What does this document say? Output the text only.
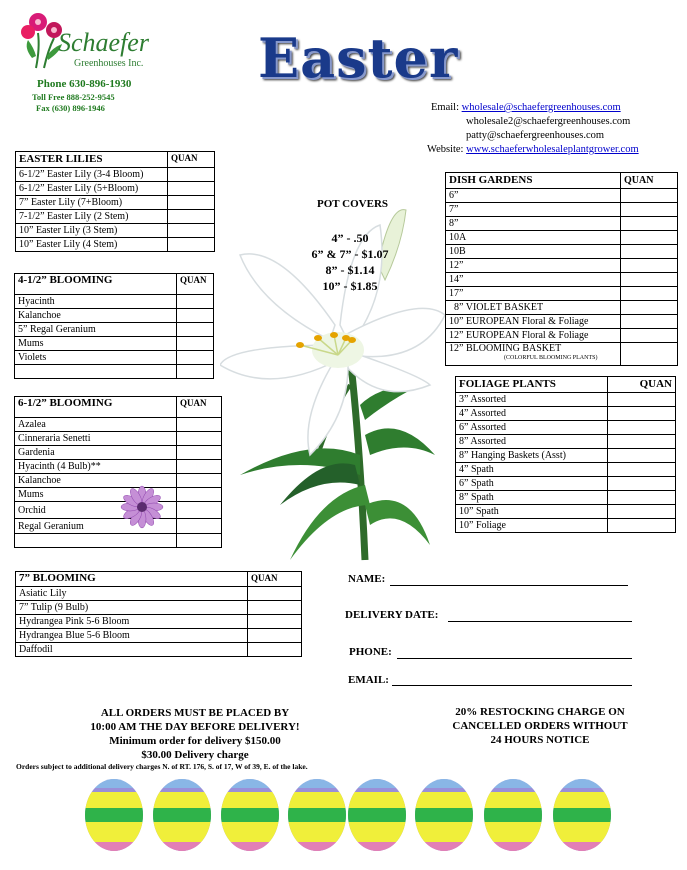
Schaefer
Greenhouses Inc.
Phone 630-896-1930
Toll Free 888-252-9545
Fax (630) 896-1946
Easter
Email: wholesale@schaefergreenhouses.com
wholesale2@schaefergreenhouses.com
patty@schaefergreenhouses.com
Website: www.schaeferwholesaleplantgrower.com
EASTER LILIES	QUAN
6-1/2” Easter Lily (3-4 Bloom)	
6-1/2” Easter Lily (5+Bloom)	
7” Easter Lily (7+Bloom)	
7-1/2” Easter Lily (2 Stem)	
10” Easter Lily (3 Stem)	
10” Easter Lily (4 Stem)	
4-1/2” BLOOMING	QUAN
Hyacinth	
Kalanchoe	
5” Regal Geranium	
Mums	
Violets	

6-1/2” BLOOMING	QUAN
Azalea	
Cinneraria Senetti	
Gardenia	
Hyacinth (4 Bulb)**	
Kalanchoe	
Mums	
Orchid	
Regal Geranium	

7” BLOOMING	QUAN
Asiatic Lily	
7” Tulip (9 Bulb)	
Hydrangea Pink 5-6 Bloom	
Hydrangea Blue 5-6 Bloom	
Daffodil	
POT COVERS
4” - .50
6” & 7” - $1.07
8” - $1.14
10” - $1.85
DISH GARDENS	QUAN
6”	
7”	
8”	
10A	
10B	
12”	
14”	
17”	
8” VIOLET BASKET	
10” EUROPEAN Floral & Foliage	
12” EUROPEAN Floral & Foliage	

12” BLOOMING BASKET
(COLORFUL BLOOMING PLANTS)	

FOLIAGE PLANTS	QUAN
3” Assorted	
4” Assorted	
6” Assorted	
8” Assorted	
8” Hanging Baskets (Asst)	
4” Spath	
6” Spath	
8” Spath	
10” Spath	
10” Foliage	
NAME:
DELIVERY DATE:
PHONE:
EMAIL:
ALL ORDERS MUST BE PLACED BY
10:00 AM THE DAY BEFORE DELIVERY!
Minimum order for delivery $150.00
$30.00 Delivery charge
Orders subject to additional delivery charges N. of RT. 176, S. of 17, W of 39, E. of the lake.
20% RESTOCKING CHARGE ON
CANCELLED ORDERS WITHOUT
24 HOURS NOTICE
